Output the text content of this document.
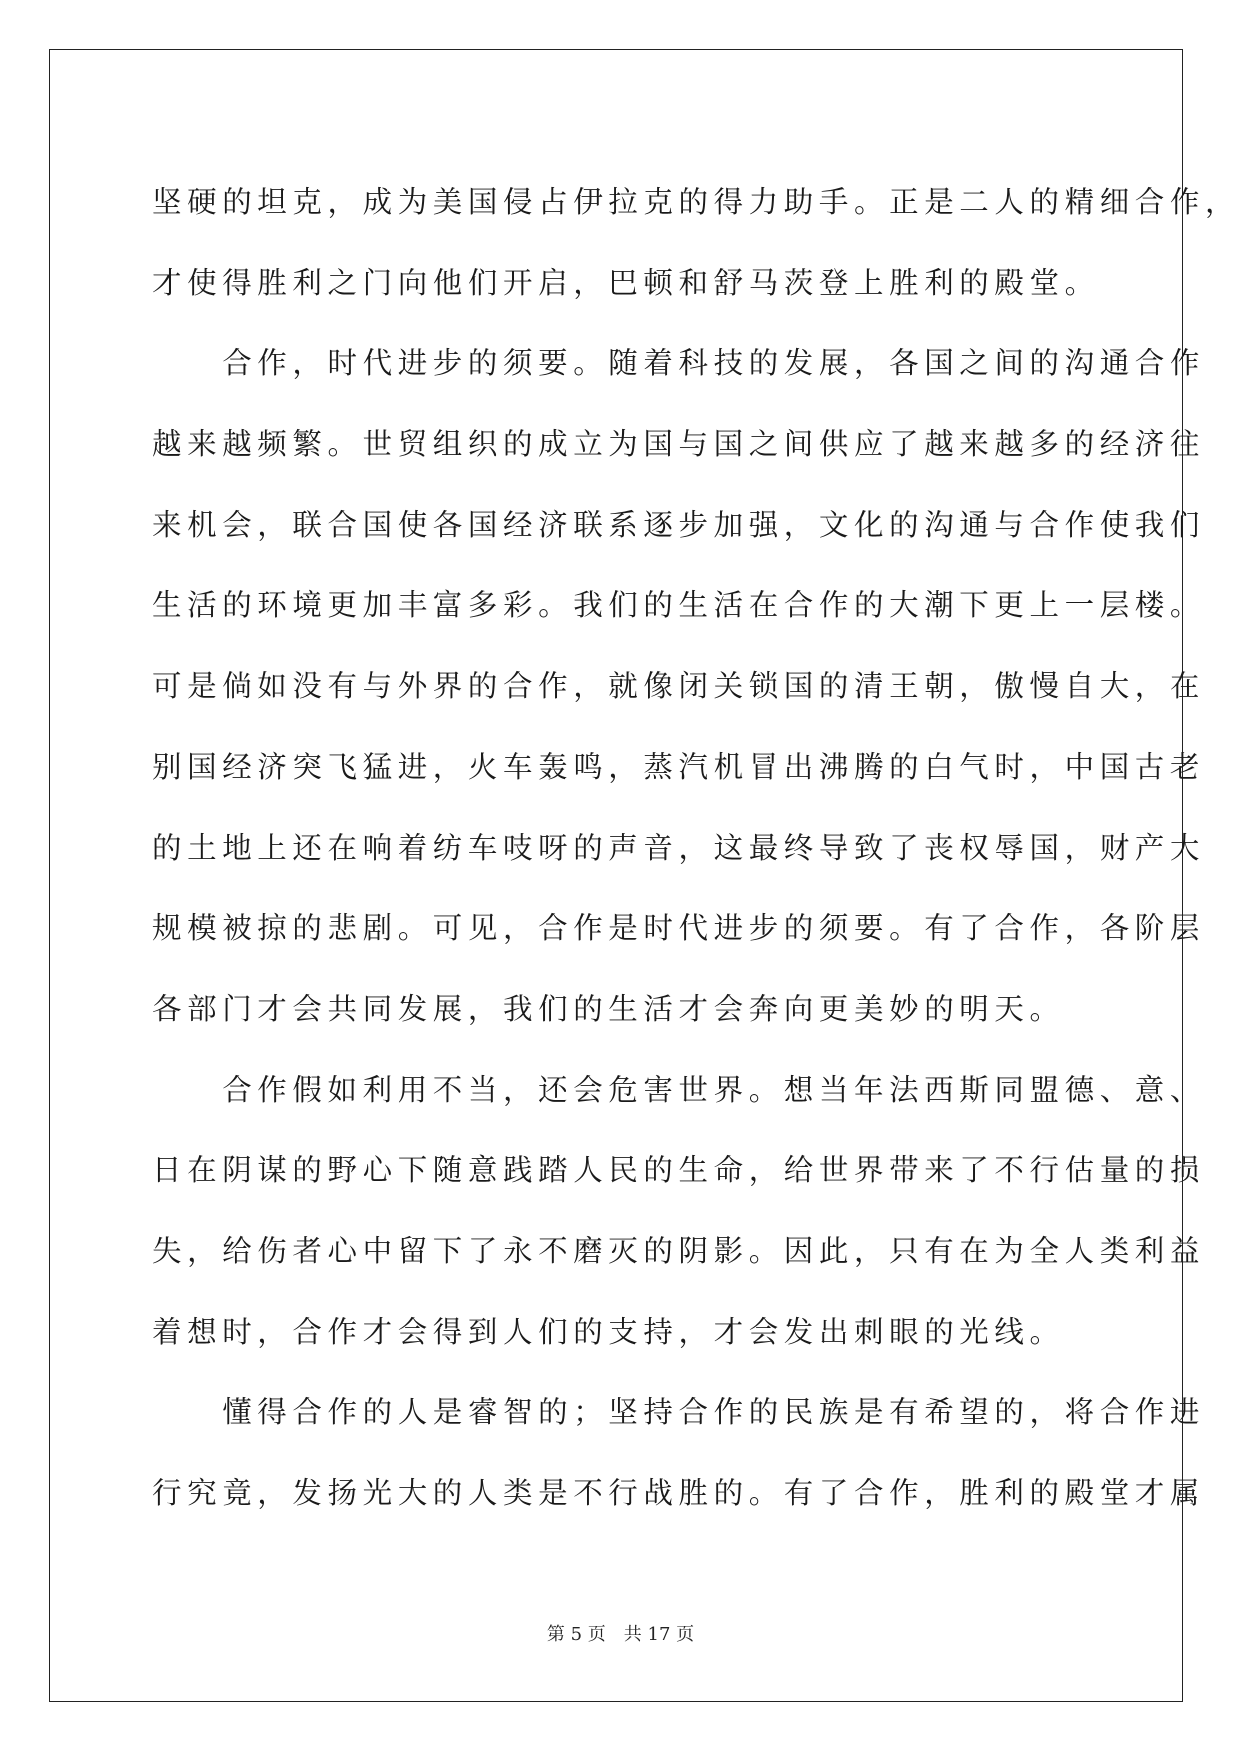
坚硬的坦克，成为美国侵占伊拉克的得力助手。正是二人的精细合作，
才使得胜利之门向他们开启，巴顿和舒马茨登上胜利的殿堂。
　　合作，时代进步的须要。随着科技的发展，各国之间的沟通合作
越来越频繁。世贸组织的成立为国与国之间供应了越来越多的经济往
来机会，联合国使各国经济联系逐步加强，文化的沟通与合作使我们
生活的环境更加丰富多彩。我们的生活在合作的大潮下更上一层楼。
可是倘如没有与外界的合作，就像闭关锁国的清王朝，傲慢自大，在
别国经济突飞猛进，火车轰鸣，蒸汽机冒出沸腾的白气时，中国古老
的土地上还在响着纺车吱呀的声音，这最终导致了丧权辱国，财产大
规模被掠的悲剧。可见，合作是时代进步的须要。有了合作，各阶层
各部门才会共同发展，我们的生活才会奔向更美妙的明天。
　　合作假如利用不当，还会危害世界。想当年法西斯同盟德、意、
日在阴谋的野心下随意践踏人民的生命，给世界带来了不行估量的损
失，给伤者心中留下了永不磨灭的阴影。因此，只有在为全人类利益
着想时，合作才会得到人们的支持，才会发出刺眼的光线。
　　懂得合作的人是睿智的；坚持合作的民族是有希望的，将合作进
行究竟，发扬光大的人类是不行战胜的。有了合作，胜利的殿堂才属
第 5 页　共 17 页
